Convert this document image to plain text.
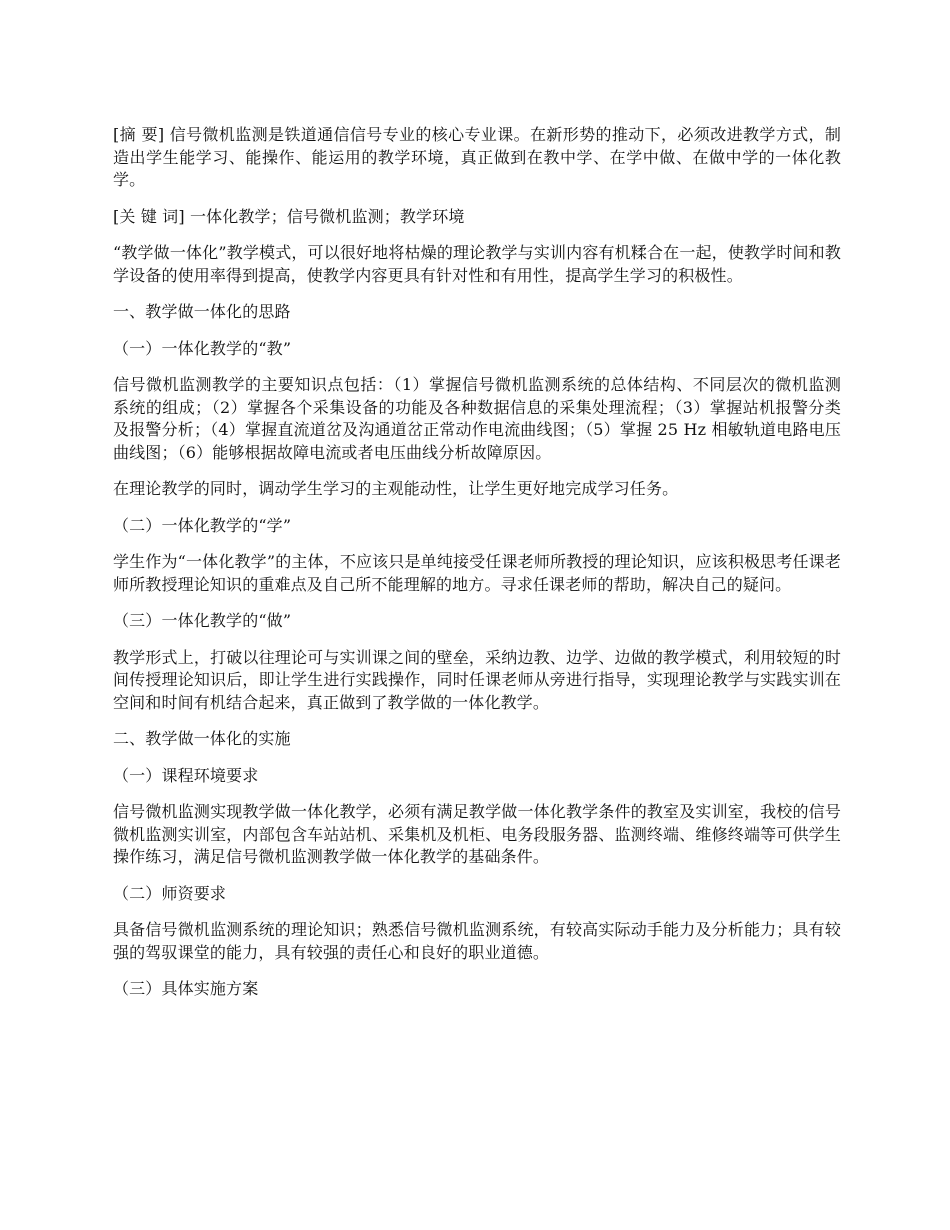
[摘 要] 信号微机监测是铁道通信信号专业的核心专业课。在新形势的推动下，必须改进教学方式，制造出学生能学习、能操作、能运用的教学环境，真正做到在教中学、在学中做、在做中学的一体化教学。

[关 键 词] 一体化教学；信号微机监测；教学环境

“教学做一体化”教学模式，可以很好地将枯燥的理论教学与实训内容有机糅合在一起，使教学时间和教学设备的使用率得到提高，使教学内容更具有针对性和有用性，提高学生学习的积极性。

一、教学做一体化的思路

（一）一体化教学的“教”

信号微机监测教学的主要知识点包括：（1）掌握信号微机监测系统的总体结构、不同层次的微机监测系统的组成；（2）掌握各个采集设备的功能及各种数据信息的采集处理流程；（3）掌握站机报警分类及报警分析；（4）掌握直流道岔及沟通道岔正常动作电流曲线图；（5）掌握 25 Hz 相敏轨道电路电压曲线图；（6）能够根据故障电流或者电压曲线分析故障原因。

在理论教学的同时，调动学生学习的主观能动性，让学生更好地完成学习任务。

（二）一体化教学的“学”

学生作为“一体化教学”的主体，不应该只是单纯接受任课老师所教授的理论知识，应该积极思考任课老师所教授理论知识的重难点及自己所不能理解的地方。寻求任课老师的帮助，解决自己的疑问。

（三）一体化教学的“做”

教学形式上，打破以往理论可与实训课之间的壁垒，采纳边教、边学、边做的教学模式，利用较短的时间传授理论知识后，即让学生进行实践操作，同时任课老师从旁进行指导，实现理论教学与实践实训在空间和时间有机结合起来，真正做到了教学做的一体化教学。

二、教学做一体化的实施

（一）课程环境要求

信号微机监测实现教学做一体化教学，必须有满足教学做一体化教学条件的教室及实训室，我校的信号微机监测实训室，内部包含车站站机、采集机及机柜、电务段服务器、监测终端、维修终端等可供学生操作练习，满足信号微机监测教学做一体化教学的基础条件。

（二）师资要求

具备信号微机监测系统的理论知识；熟悉信号微机监测系统，有较高实际动手能力及分析能力；具有较强的驾驭课堂的能力，具有较强的责任心和良好的职业道德。

（三）具体实施方案
